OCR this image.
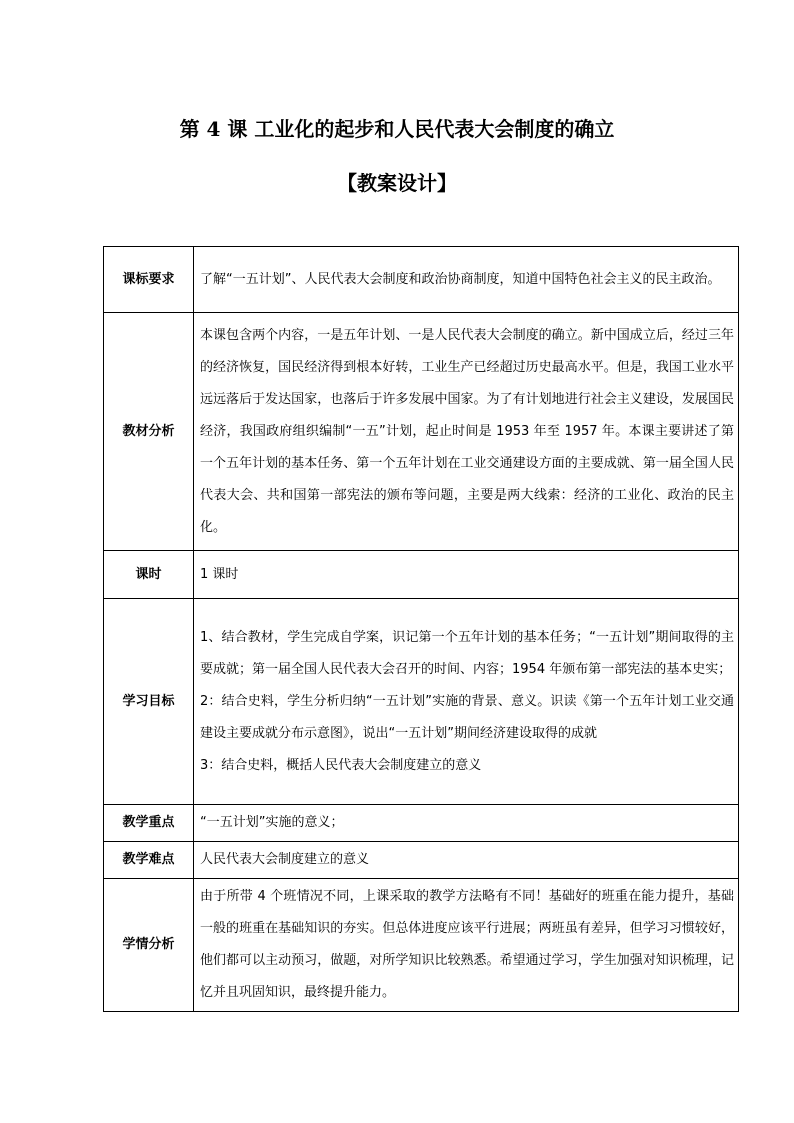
第 4 课 工业化的起步和人民代表大会制度的确立
【教案设计】
课标要求	了解“一五计划”、人民代表大会制度和政治协商制度，知道中国特色社会主义的民主政治。

教材分析	本课包含两个内容，一是五年计划、一是人民代表大会制度的确立。新中国成立后，经过三年的经济恢复，国民经济得到根本好转，工业生产已经超过历史最高水平。但是，我国工业水平远远落后于发达国家，也落后于许多发展中国家。为了有计划地进行社会主义建设，发展国民经济，我国政府组织编制“一五”计划，起止时间是 1953 年至 1957 年。本课主要讲述了第一个五年计划的基本任务、第一个五年计划在工业交通建设方面的主要成就、第一届全国人民代表大会、共和国第一部宪法的颁布等问题，主要是两大线索：经济的工业化、政治的民主化。

课时	1 课时

学习目标	1、结合教材，学生完成自学案，识记第一个五年计划的基本任务；“一五计划”期间取得的主要成就；第一届全国人民代表大会召开的时间、内容；1954 年颁布第一部宪法的基本史实；
2：结合史料，学生分析归纳“一五计划”实施的背景、意义。识读《第一个五年计划工业交通建设主要成就分布示意图》，说出“一五计划”期间经济建设取得的成就
3：结合史料，概括人民代表大会制度建立的意义

教学重点	“一五计划”实施的意义；

教学难点	人民代表大会制度建立的意义

学情分析	由于所带 4 个班情况不同，上课采取的教学方法略有不同！基础好的班重在能力提升，基础一般的班重在基础知识的夯实。但总体进度应该平行进展；两班虽有差异，但学习习惯较好，他们都可以主动预习，做题，对所学知识比较熟悉。希望通过学习，学生加强对知识梳理，记忆并且巩固知识，最终提升能力。
